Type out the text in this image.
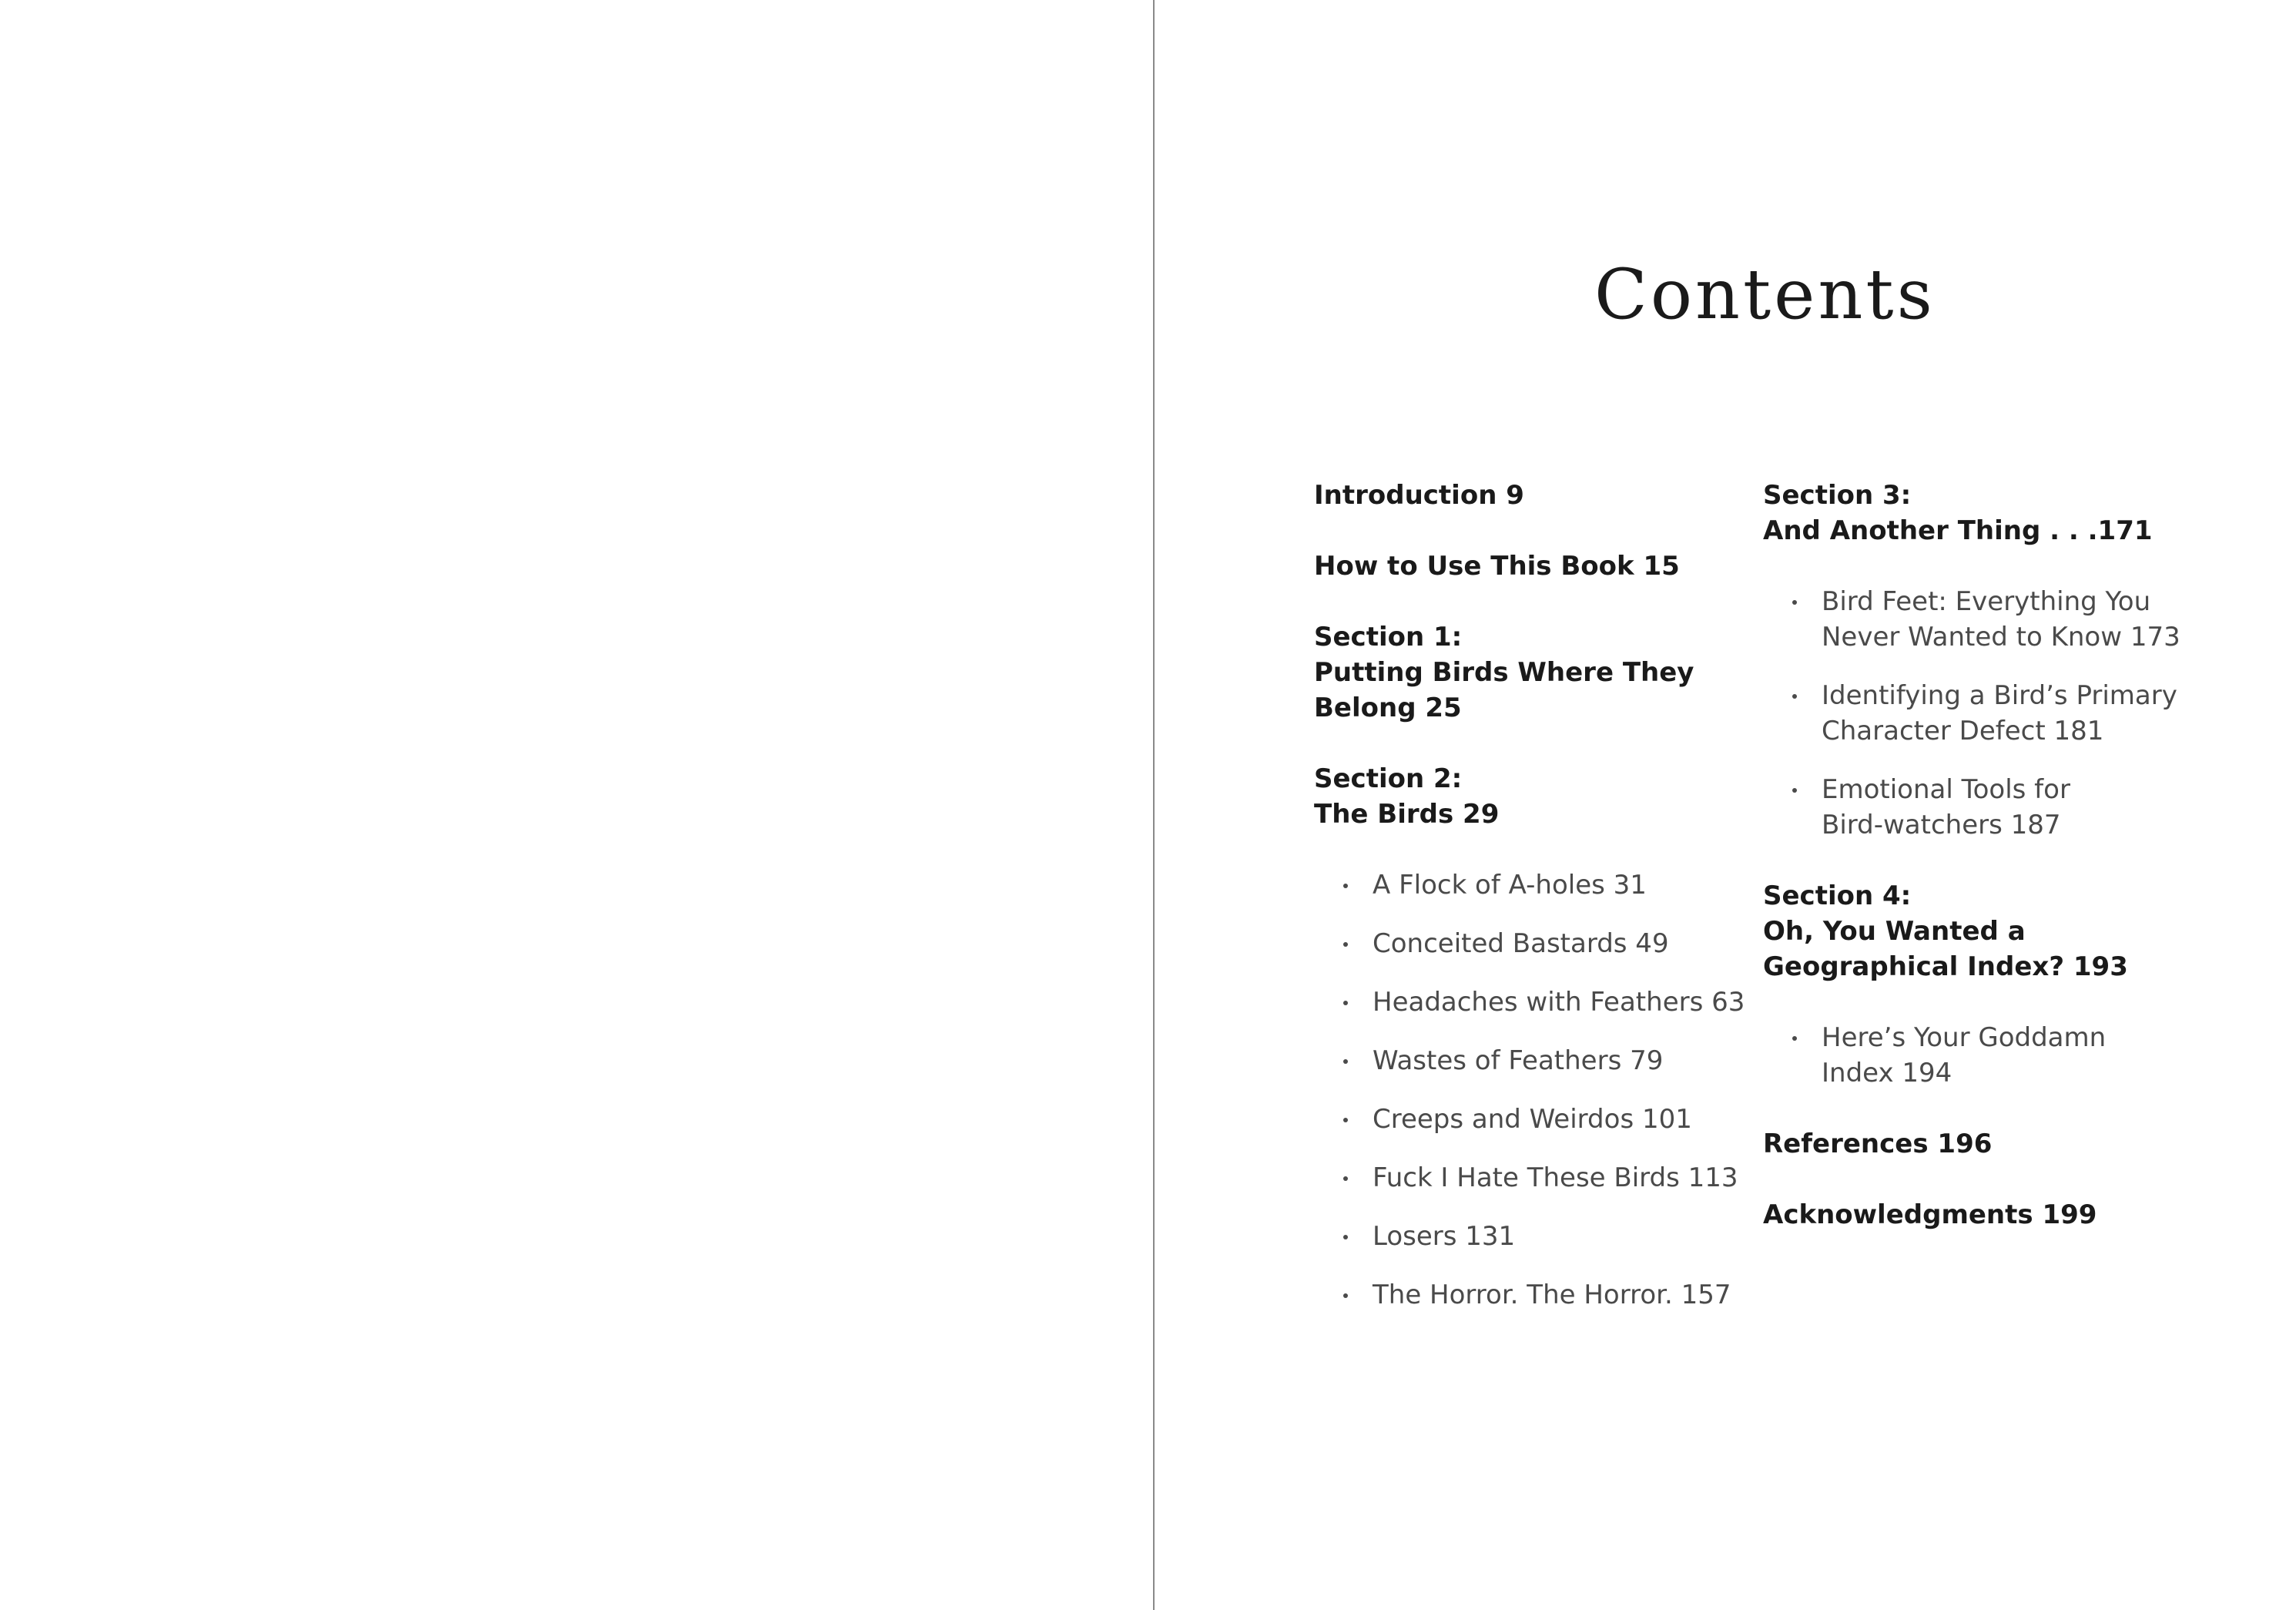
Contents
Introduction 9
How to Use This Book 15
Section 1:
Putting Birds Where They
Belong 25
Section 2:
The Birds 29
A Flock of A-holes 31
Conceited Bastards 49
Headaches with Feathers 63
Wastes of Feathers 79
Creeps and Weirdos 101
Fuck I Hate These Birds 113
Losers 131
The Horror. The Horror. 157
Section 3:
And Another Thing . . .171
Bird Feet: Everything You
Never Wanted to Know 173
Identifying a Bird’s Primary
Character Defect 181
Emotional Tools for
Bird-watchers 187
Section 4:
Oh, You Wanted a
Geographical Index? 193
Here’s Your Goddamn
Index 194
References 196
Acknowledgments 199
